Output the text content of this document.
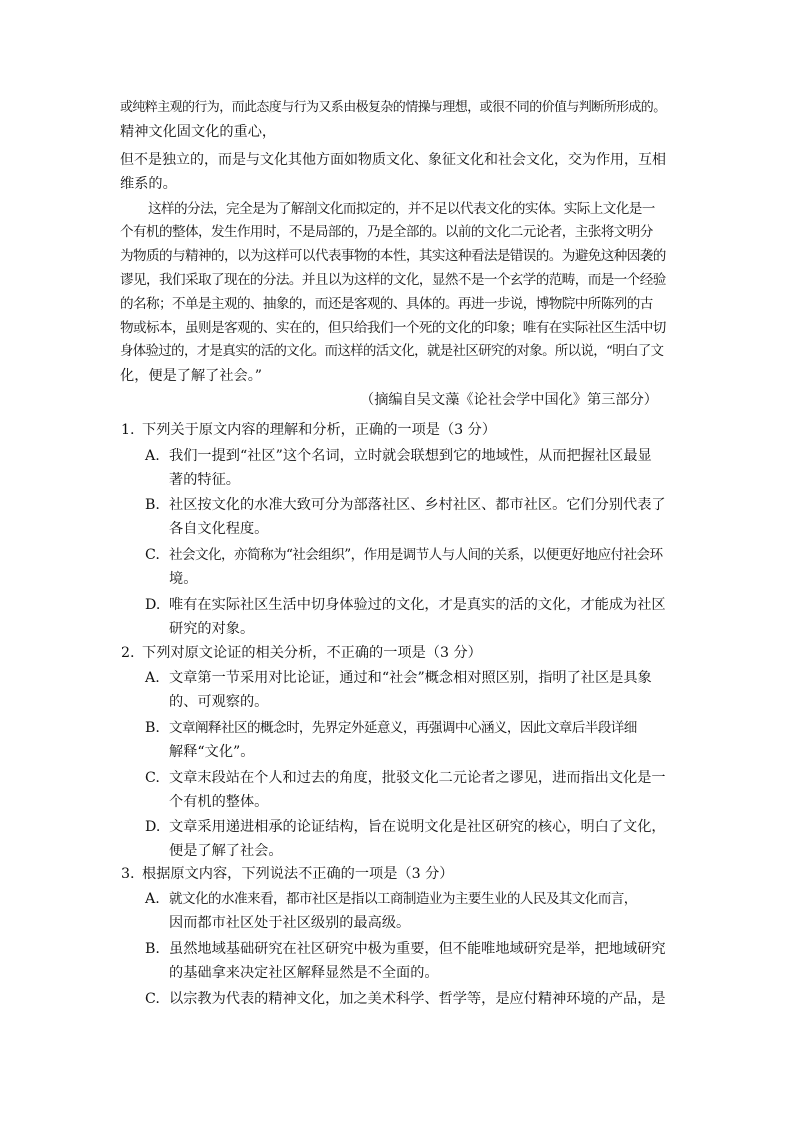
或纯粹主观的行为，而此态度与行为又系由极复杂的情操与理想，或很不同的价值与判断所形成的。
精神文化固文化的重心，
但不是独立的，而是与文化其他方面如物质文化、象征文化和社会文化，交为作用，互相
维系的。
这样的分法，完全是为了解剖文化而拟定的，并不足以代表文化的实体。实际上文化是一
个有机的整体，发生作用时，不是局部的，乃是全部的。以前的文化二元论者，主张将文明分
为物质的与精神的，以为这样可以代表事物的本性，其实这种看法是错误的。为避免这种因袭的
谬见，我们采取了现在的分法。并且以为这样的文化，显然不是一个玄学的范畴，而是一个经验
的名称；不单是主观的、抽象的，而还是客观的、具体的。再进一步说，博物院中所陈列的古
物或标本，虽则是客观的、实在的，但只给我们一个死的文化的印象；唯有在实际社区生活中切
身体验过的，才是真实的活的文化。而这样的活文化，就是社区研究的对象。所以说，“明白了文
化，便是了解了社会。”
（摘编自吴文藻《论社会学中国化》第三部分）
1. 下列关于原文内容的理解和分析，正确的一项是（3 分）
A. 我们一提到“社区”这个名词，立时就会联想到它的地域性，从而把握社区最显
著的特征。
B. 社区按文化的水准大致可分为部落社区、乡村社区、都市社区。它们分别代表了
各自文化程度。
C. 社会文化，亦简称为“社会组织”，作用是调节人与人间的关系，以便更好地应付社会环
境。
D. 唯有在实际社区生活中切身体验过的文化，才是真实的活的文化，才能成为社区
研究的对象。
2. 下列对原文论证的相关分析，不正确的一项是（3 分）
A. 文章第一节采用对比论证，通过和“社会”概念相对照区别，指明了社区是具象
的、可观察的。
B. 文章阐释社区的概念时，先界定外延意义，再强调中心涵义，因此文章后半段详细
解释“文化”。
C. 文章末段站在个人和过去的角度，批驳文化二元论者之谬见，进而指出文化是一
个有机的整体。
D. 文章采用递进相承的论证结构，旨在说明文化是社区研究的核心，明白了文化，
便是了解了社会。
3. 根据原文内容，下列说法不正确的一项是（3 分）
A. 就文化的水准来看，都市社区是指以工商制造业为主要生业的人民及其文化而言，
因而都市社区处于社区级别的最高级。
B. 虽然地域基础研究在社区研究中极为重要，但不能唯地域研究是举，把地域研究
的基础拿来决定社区解释显然是不全面的。
C. 以宗教为代表的精神文化，加之美术科学、哲学等，是应付精神环境的产品，是
